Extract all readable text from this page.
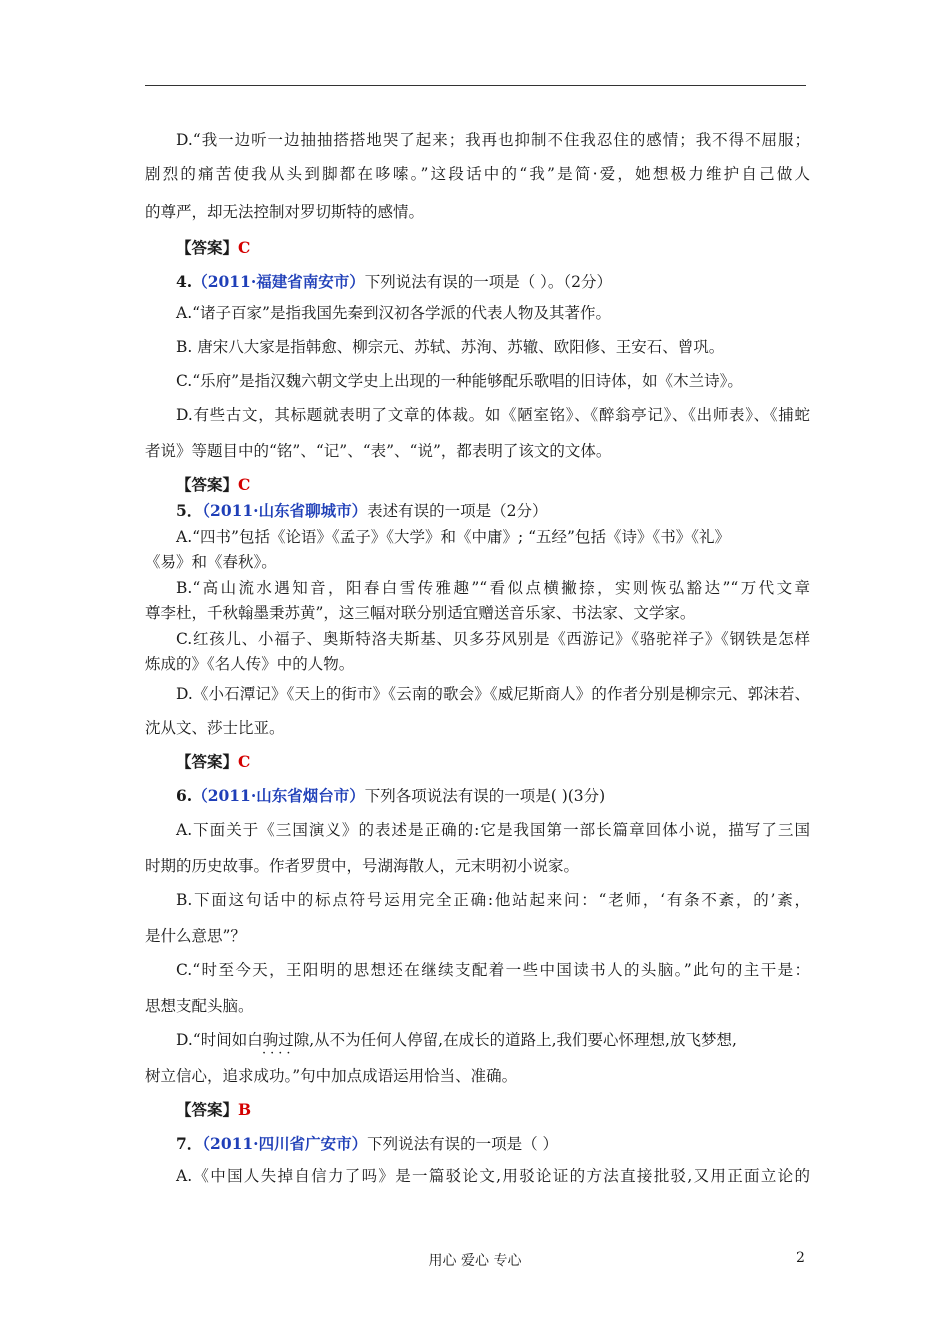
D.“我一边听一边抽抽搭搭地哭了起来；我再也抑制不住我忍住的感情；我不得不屈服；
剧烈的痛苦使我从头到脚都在哆嗦。”这段话中的“我”是简·爱，她想极力维护自己做人
的尊严，却无法控制对罗切斯特的感情。
【答案】C
4.（2011·福建省南安市）下列说法有误的一项是（ ）。（2分）
A.“诸子百家”是指我国先秦到汉初各学派的代表人物及其著作。
B. 唐宋八大家是指韩愈、柳宗元、苏轼、苏洵、苏辙、欧阳修、王安石、曾巩。
C.“乐府”是指汉魏六朝文学史上出现的一种能够配乐歌唱的旧诗体，如《木兰诗》。
D.有些古文，其标题就表明了文章的体裁。如《陋室铭》、《醉翁亭记》、《出师表》、《捕蛇
者说》等题目中的“铭”、“记”、“表”、“说”，都表明了该文的文体。
【答案】C
5．（2011·山东省聊城市）表述有误的一项是（2分）
A.“四书”包括《论语》《孟子》《大学》和《中庸》; “五经”包括《诗》《书》《礼》
《易》和《春秋》。
B.“高山流水遇知音，阳春白雪传雅趣”“看似点横撇捺，实则恢弘豁达”“万代文章
尊李杜，千秋翰墨秉苏黄”，这三幅对联分别适宜赠送音乐家、书法家、文学家。
C.红孩儿、小福子、奥斯特洛夫斯基、贝多芬风别是《西游记》《骆驼祥子》《钢铁是怎样
炼成的》《名人传》中的人物。
D.《小石潭记》《天上的街市》《云南的歌会》《威尼斯商人》的作者分别是柳宗元、郭沫若、
沈从文、莎士比亚。
【答案】C
6.（2011·山东省烟台市）下列各项说法有误的一项是( )(3分)
A.下面关于《三国演义》的表述是正确的:它是我国第一部长篇章回体小说，描写了三国
时期的历史故事。作者罗贯中，号湖海散人，元末明初小说家。
B.下面这句话中的标点符号运用完全正确:他站起来问：“老师，‘有条不紊，的’紊，
是什么意思”？
C.“时至今天，王阳明的思想还在继续支配着一些中国读书人的头脑。”此句的主干是：
思想支配头脑。
D.“时间如白驹过隙
····
,从不为任何人停留,在成长的道路上,我们要心怀理想,放飞梦想,
树立信心，追求成功。”句中加点成语运用恰当、准确。
【答案】B
7．（2011·四川省广安市）下列说法有误的一项是（ ）
A.《中国人失掉自信力了吗》是一篇驳论文,用驳论证的方法直接批驳,又用正面立论的
用心 爱心 专心	2
